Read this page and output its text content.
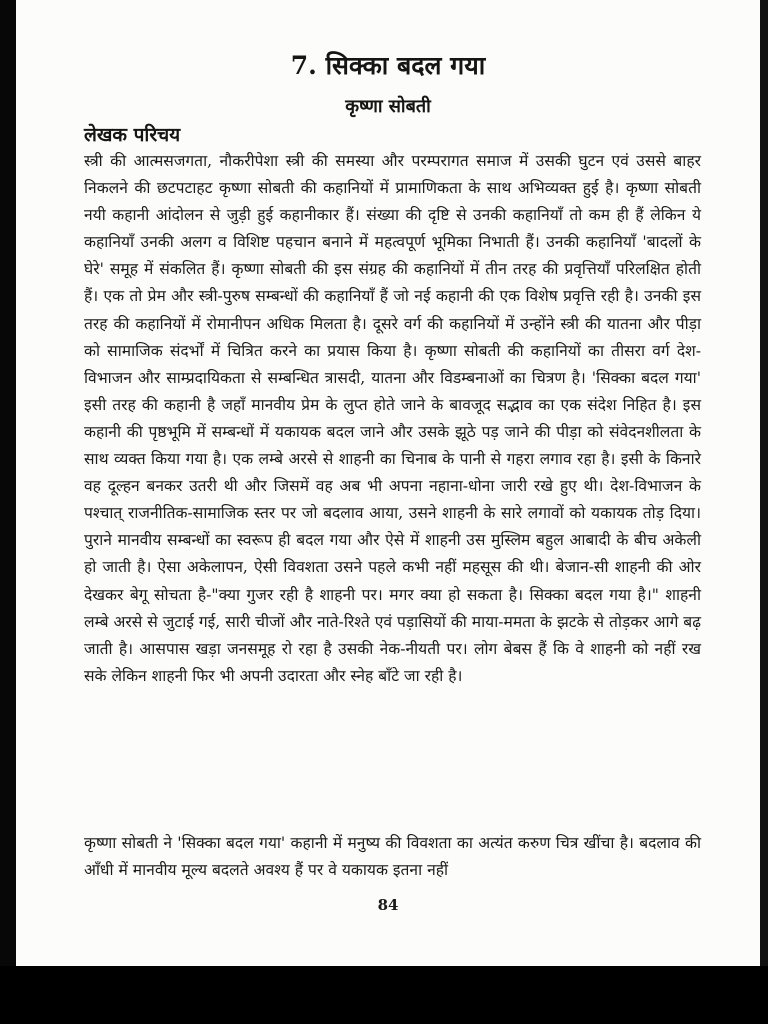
7. सिक्का बदल गया
कृष्णा सोबती
लेखक परिचय

स्त्री की आत्मसजगता, नौकरीपेशा स्त्री की समस्या और परम्परागत समाज में उसकी घुटन एवं उससे बाहर निकलने की छटपटाहट कृष्णा सोबती की कहानियों में प्रामाणिकता के साथ अभिव्यक्त हुई है। कृष्णा सोबती नयी कहानी आंदोलन से जुड़ी हुई कहानीकार हैं। संख्या की दृष्टि से उनकी कहानियाँ तो कम ही हैं लेकिन ये कहानियाँ उनकी अलग व विशिष्ट पहचान बनाने में महत्वपूर्ण भूमिका निभाती हैं। उनकी कहानियाँ 'बादलों के घेरे' समूह में संकलित हैं। कृष्णा सोबती की इस संग्रह की कहानियों में तीन तरह की प्रवृत्तियाँ परिलक्षित होती हैं। एक तो प्रेम और स्त्री-पुरुष सम्बन्धों की कहानियाँ हैं जो नई कहानी की एक विशेष प्रवृत्ति रही है। उनकी इस तरह की कहानियों में रोमानीपन अधिक मिलता है। दूसरे वर्ग की कहानियों में उन्होंने स्त्री की यातना और पीड़ा को सामाजिक संदर्भों में चित्रित करने का प्रयास किया है। कृष्णा सोबती की कहानियों का तीसरा वर्ग देश-विभाजन और साम्प्रदायिकता से सम्बन्धित त्रासदी, यातना और विडम्बनाओं का चित्रण है। 'सिक्का बदल गया' इसी तरह की कहानी है जहाँ मानवीय प्रेम के लुप्त होते जाने के बावजूद सद्भाव का एक संदेश निहित है। इस कहानी की पृष्ठभूमि में सम्बन्धों में यकायक बदल जाने और उसके झूठे पड़ जाने की पीड़ा को संवेदनशीलता के साथ व्यक्त किया गया है। एक लम्बे अरसे से शाहनी का चिनाब के पानी से गहरा लगाव रहा है। इसी के किनारे वह दूल्हन बनकर उतरी थी और जिसमें वह अब भी अपना नहाना-धोना जारी रखे हुए थी। देश-विभाजन के पश्चात् राजनीतिक-सामाजिक स्तर पर जो बदलाव आया, उसने शाहनी के सारे लगावों को यकायक तोड़ दिया। पुराने मानवीय सम्बन्धों का स्वरूप ही बदल गया और ऐसे में शाहनी उस मुस्लिम बहुल आबादी के बीच अकेली हो जाती है। ऐसा अकेलापन, ऐसी विवशता उसने पहले कभी नहीं महसूस की थी। बेजान-सी शाहनी की ओर देखकर बेगू सोचता है-"क्या गुजर रही है शाहनी पर। मगर क्या हो सकता है। सिक्का बदल गया है।" शाहनी लम्बे अरसे से जुटाई गई, सारी चीजों और नाते-रिश्ते एवं पड़ासियों की माया-ममता के झटके से तोड़कर आगे बढ़ जाती है। आसपास खड़ा जनसमूह रो रहा है उसकी नेक-नीयती पर। लोग बेबस हैं कि वे शाहनी को नहीं रख सके लेकिन शाहनी फिर भी अपनी उदारता और स्नेह बाँटे जा रही है।

कृष्णा सोबती ने 'सिक्का बदल गया' कहानी में मनुष्य की विवशता का अत्यंत करुण चित्र खींचा है। बदलाव की आँधी में मानवीय मूल्य बदलते अवश्य हैं पर वे यकायक इतना नहीं

84
